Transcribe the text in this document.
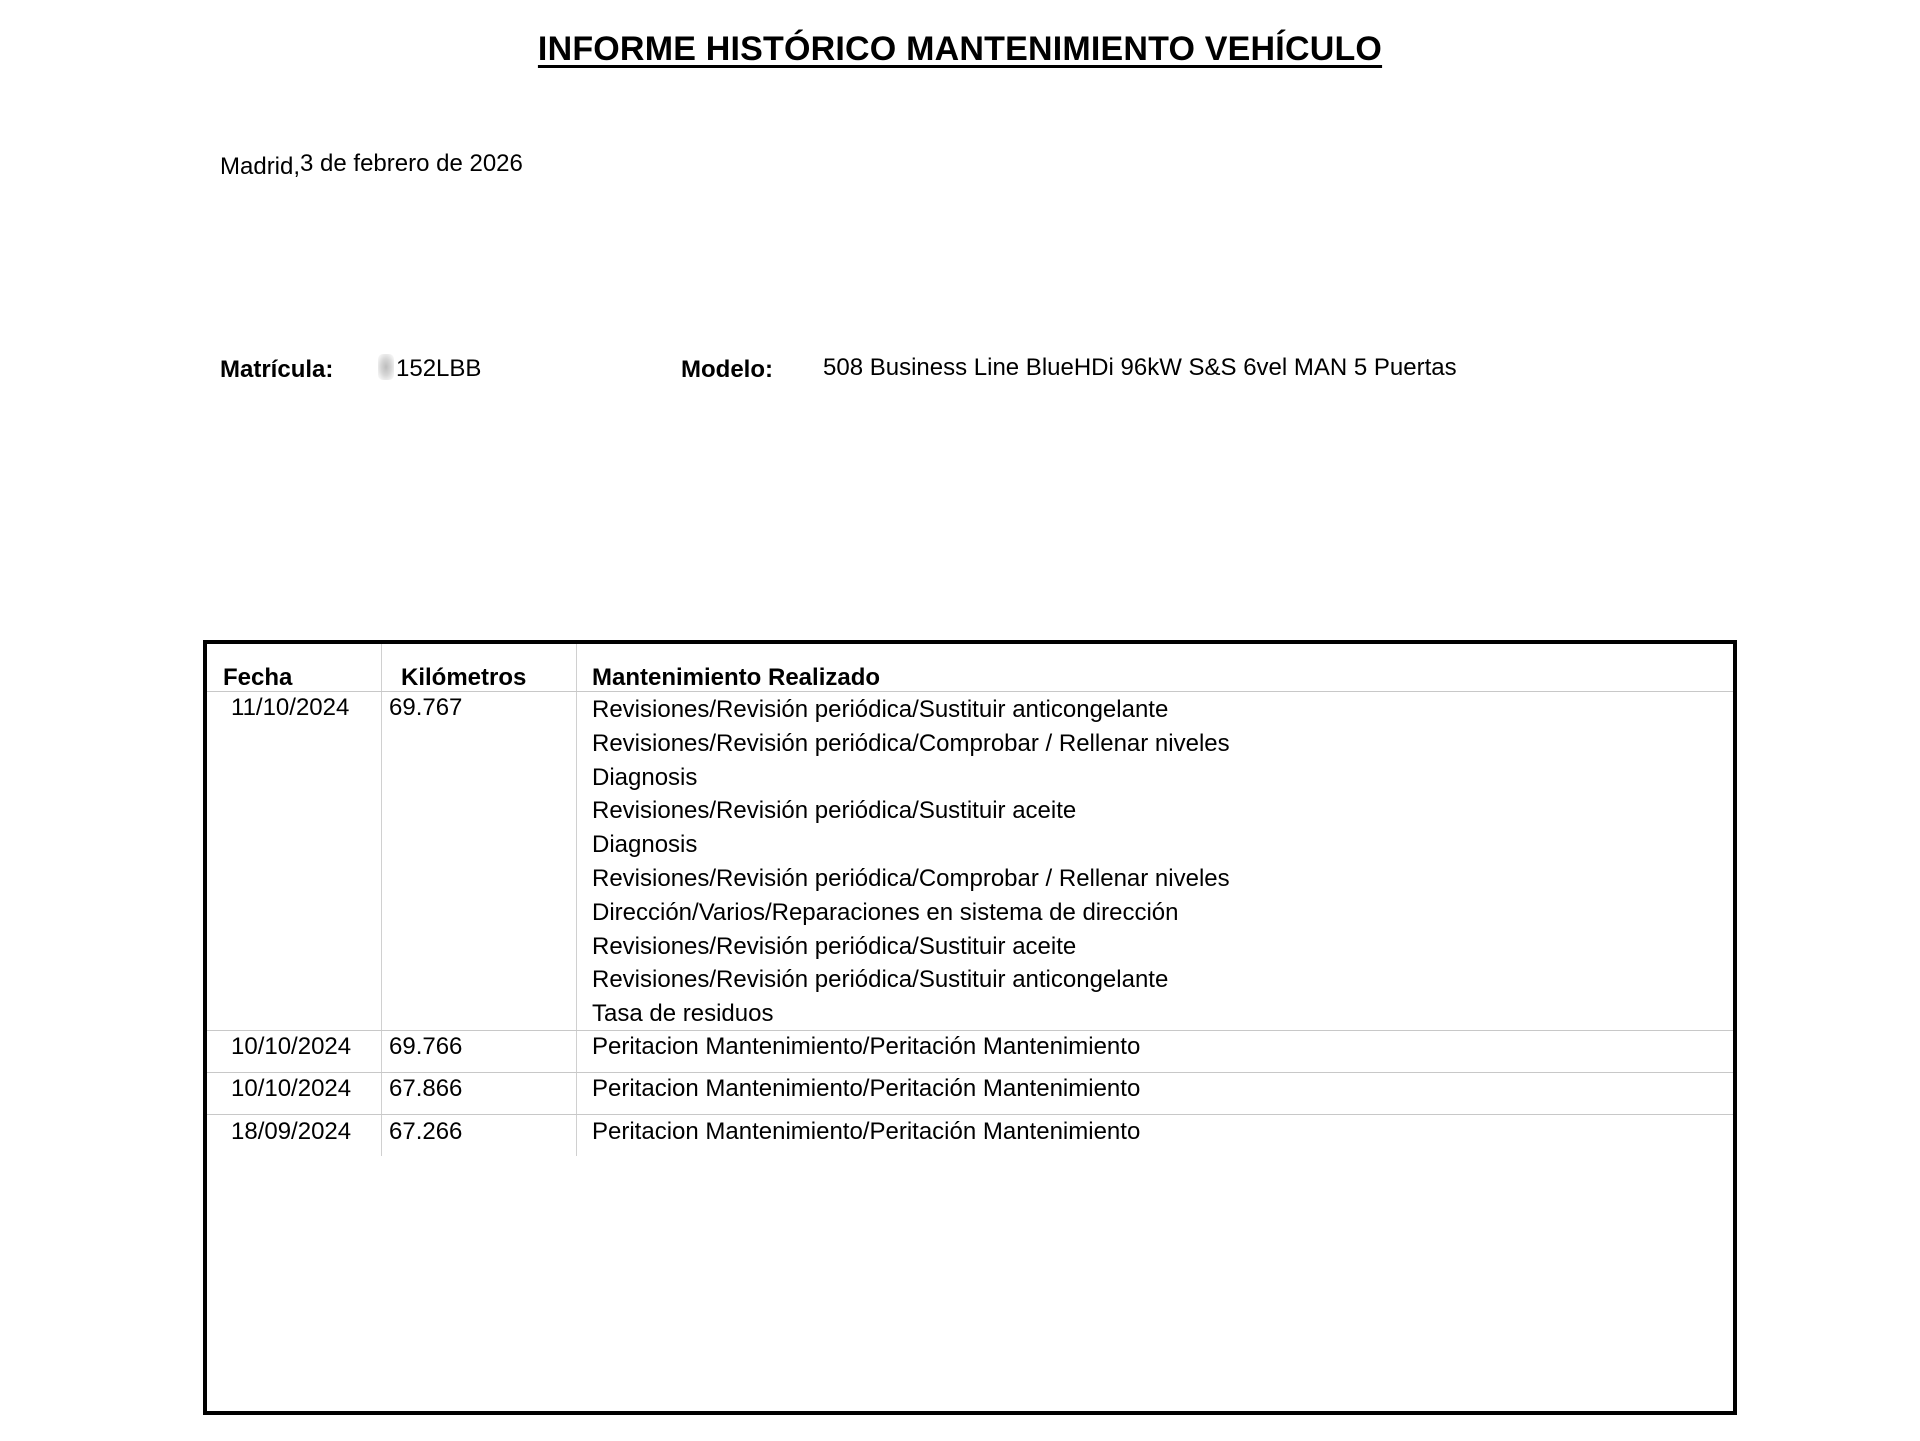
INFORME HISTÓRICO MANTENIMIENTO VEHÍCULO
Madrid,3 de febrero de 2026
Matrícula:	152LBB	Modelo: 508 Business Line BlueHDi 96kW S&S 6vel MAN 5 Puertas
Fecha	Kilómetros	Mantenimiento Realizado
11/10/2024 69.767	Revisiones/Revisión periódica/Sustituir anticongelante
Revisiones/Revisión periódica/Comprobar / Rellenar niveles
Diagnosis
Revisiones/Revisión periódica/Sustituir aceite
Diagnosis
Revisiones/Revisión periódica/Comprobar / Rellenar niveles
Dirección/Varios/Reparaciones en sistema de dirección
Revisiones/Revisión periódica/Sustituir aceite
Revisiones/Revisión periódica/Sustituir anticongelante
Tasa de residuos
10/10/2024 69.766	Peritacion Mantenimiento/Peritación Mantenimiento
10/10/2024 67.866	Peritacion Mantenimiento/Peritación Mantenimiento
18/09/2024 67.266	Peritacion Mantenimiento/Peritación Mantenimiento
